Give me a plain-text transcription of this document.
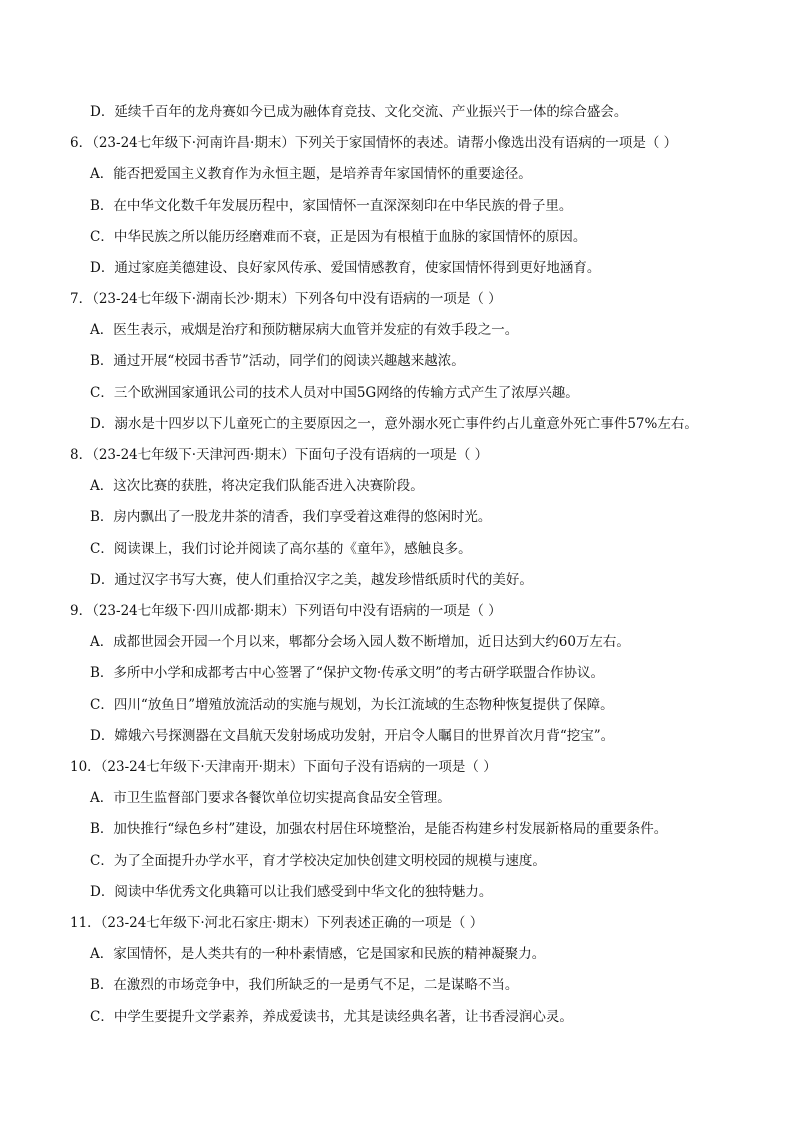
D．延续千百年的龙舟赛如今已成为融体育竞技、文化交流、产业振兴于一体的综合盛会。
6．（23-24七年级下·河南许昌·期末）下列关于家国情怀的表述。请帮小像选出没有语病的一项是（ ）
A．能否把爱国主义教育作为永恒主题，是培养青年家国情怀的重要途径。
B．在中华文化数千年发展历程中，家国情怀一直深深刻印在中华民族的骨子里。
C．中华民族之所以能历经磨难而不衰，正是因为有根植于血脉的家国情怀的原因。
D．通过家庭美德建设、良好家风传承、爱国情感教育，使家国情怀得到更好地涵育。
7．（23-24七年级下·湖南长沙·期末）下列各句中没有语病的一项是（ ）
A．医生表示，戒烟是治疗和预防糖尿病大血管并发症的有效手段之一。
B．通过开展“校园书香节”活动，同学们的阅读兴趣越来越浓。
C．三个欧洲国家通讯公司的技术人员对中国5G网络的传输方式产生了浓厚兴趣。
D．溺水是十四岁以下儿童死亡的主要原因之一，意外溺水死亡事件约占儿童意外死亡事件57%左右。
8．（23-24七年级下·天津河西·期末）下面句子没有语病的一项是（ ）
A．这次比赛的获胜，将决定我们队能否进入决赛阶段。
B．房内飘出了一股龙井茶的清香，我们享受着这难得的悠闲时光。
C．阅读课上，我们讨论并阅读了高尔基的《童年》，感触良多。
D．通过汉字书写大赛，使人们重拾汉字之美，越发珍惜纸质时代的美好。
9．（23-24七年级下·四川成都·期末）下列语句中没有语病的一项是（ ）
A．成都世园会开园一个月以来，郫都分会场入园人数不断增加，近日达到大约60万左右。
B．多所中小学和成都考古中心签署了“保护文物·传承文明”的考古研学联盟合作协议。
C．四川“放鱼日”增殖放流活动的实施与规划，为长江流域的生态物种恢复提供了保障。
D．嫦娥六号探测器在文昌航天发射场成功发射，开启令人瞩目的世界首次月背“挖宝”。
10．（23-24七年级下·天津南开·期末）下面句子没有语病的一项是（ ）
A．市卫生监督部门要求各餐饮单位切实提高食品安全管理。
B．加快推行“绿色乡村”建设，加强农村居住环境整治，是能否构建乡村发展新格局的重要条件。
C．为了全面提升办学水平，育才学校决定加快创建文明校园的规模与速度。
D．阅读中华优秀文化典籍可以让我们感受到中华文化的独特魅力。
11．（23-24七年级下·河北石家庄·期末）下列表述正确的一项是（ ）
A．家国情怀，是人类共有的一种朴素情感，它是国家和民族的精神凝聚力。
B．在激烈的市场竞争中，我们所缺乏的一是勇气不足，二是谋略不当。
C．中学生要提升文学素养，养成爱读书，尤其是读经典名著，让书香浸润心灵。
